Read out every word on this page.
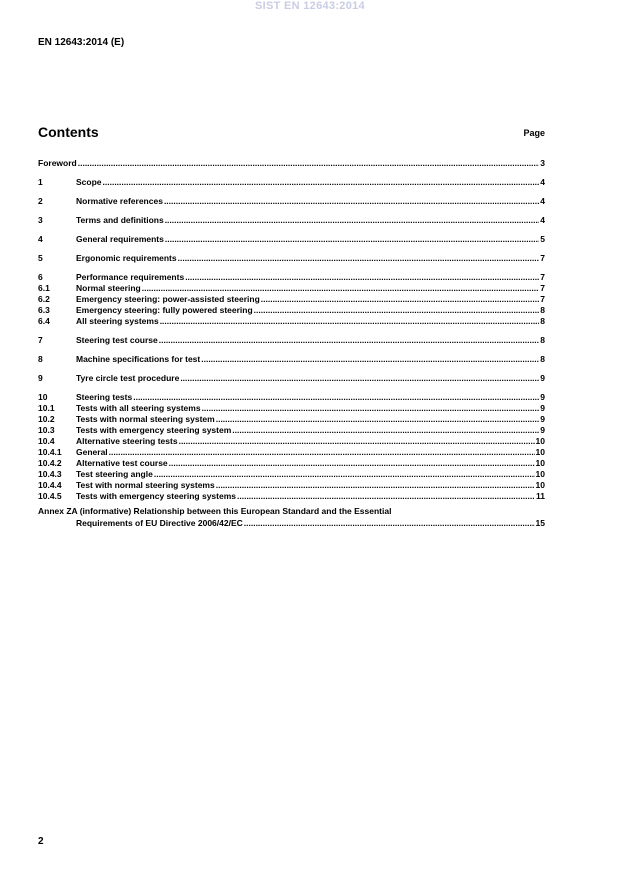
SIST EN 12643:2014
EN 12643:2014 (E)
Contents	Page
Foreword .....	3
1	Scope .....	4
2	Normative references .....	4
3	Terms and definitions .....	4
4	General requirements .....	5
5	Ergonomic requirements .....	7
6	Performance requirements .....	7
6.1	Normal steering .....	7
6.2	Emergency steering: power-assisted steering .....	7
6.3	Emergency steering: fully powered steering .....	8
6.4	All steering systems .....	8
7	Steering test course .....	8
8	Machine specifications for test .....	8
9	Tyre circle test procedure .....	9
10	Steering tests .....	9
10.1	Tests with all steering systems .....	9
10.2	Tests with normal steering system .....	9
10.3	Tests with emergency steering system .....	9
10.4	Alternative steering tests .....	10
10.4.1	General .....	10
10.4.2	Alternative test course .....	10
10.4.3	Test steering angle .....	10
10.4.4	Test with normal steering systems .....	10
10.4.5	Tests with emergency steering systems .....	11
Annex ZA (informative) Relationship between this European Standard and the Essential
Requirements of EU Directive 2006/42/EC .....	15
2
